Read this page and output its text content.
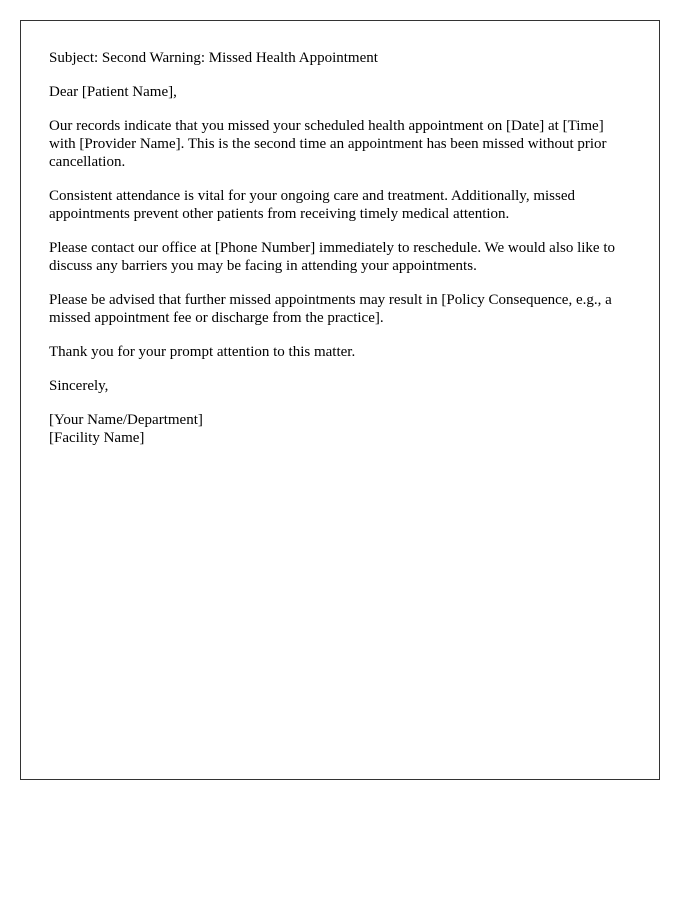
Subject: Second Warning: Missed Health Appointment

Dear [Patient Name],

Our records indicate that you missed your scheduled health appointment on [Date] at [Time] with [Provider Name]. This is the second time an appointment has been missed without prior cancellation.

Consistent attendance is vital for your ongoing care and treatment. Additionally, missed appointments prevent other patients from receiving timely medical attention.

Please contact our office at [Phone Number] immediately to reschedule. We would also like to discuss any barriers you may be facing in attending your appointments.

Please be advised that further missed appointments may result in [Policy Consequence, e.g., a missed appointment fee or discharge from the practice].

Thank you for your prompt attention to this matter.

Sincerely,

[Your Name/Department]
[Facility Name]
